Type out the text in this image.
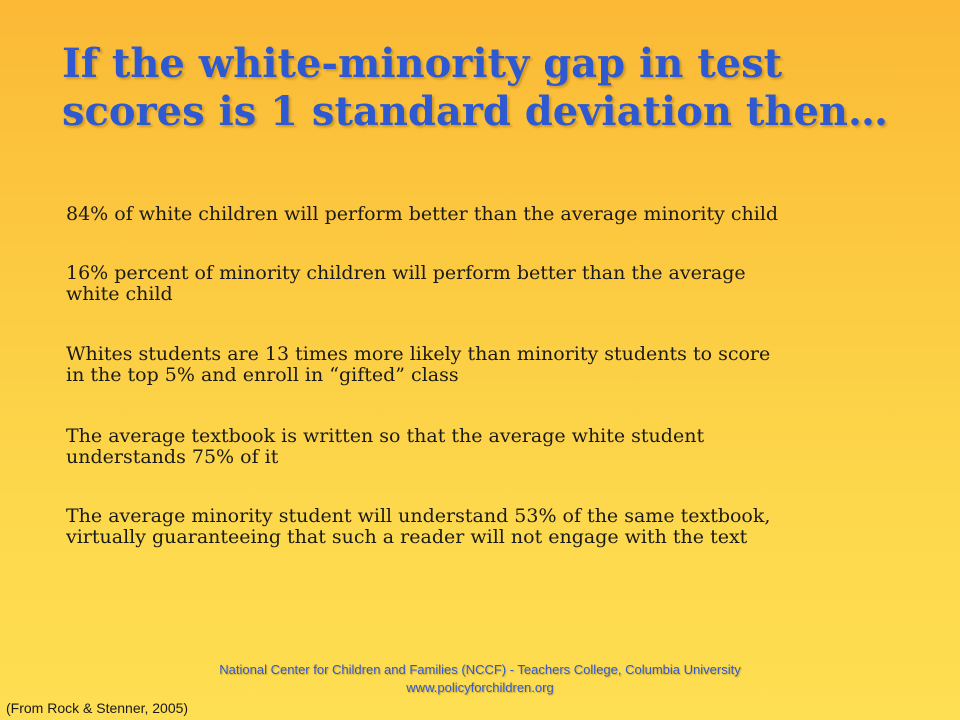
If the white-minority gap in test
scores is 1 standard deviation then…

84% of white children will perform better than the average minority child

16% percent of minority children will perform better than the average
white child

Whites students are 13 times more likely than minority students to score
in the top 5% and enroll in “gifted” class

The average textbook is written so that the average white student
understands 75% of it

The average minority student will understand 53% of the same textbook,
virtually guaranteeing that such a reader will not engage with the text

National Center for Children and Families (NCCF) - Teachers College, Columbia University
www.policyforchildren.org
(From Rock & Stenner, 2005)
